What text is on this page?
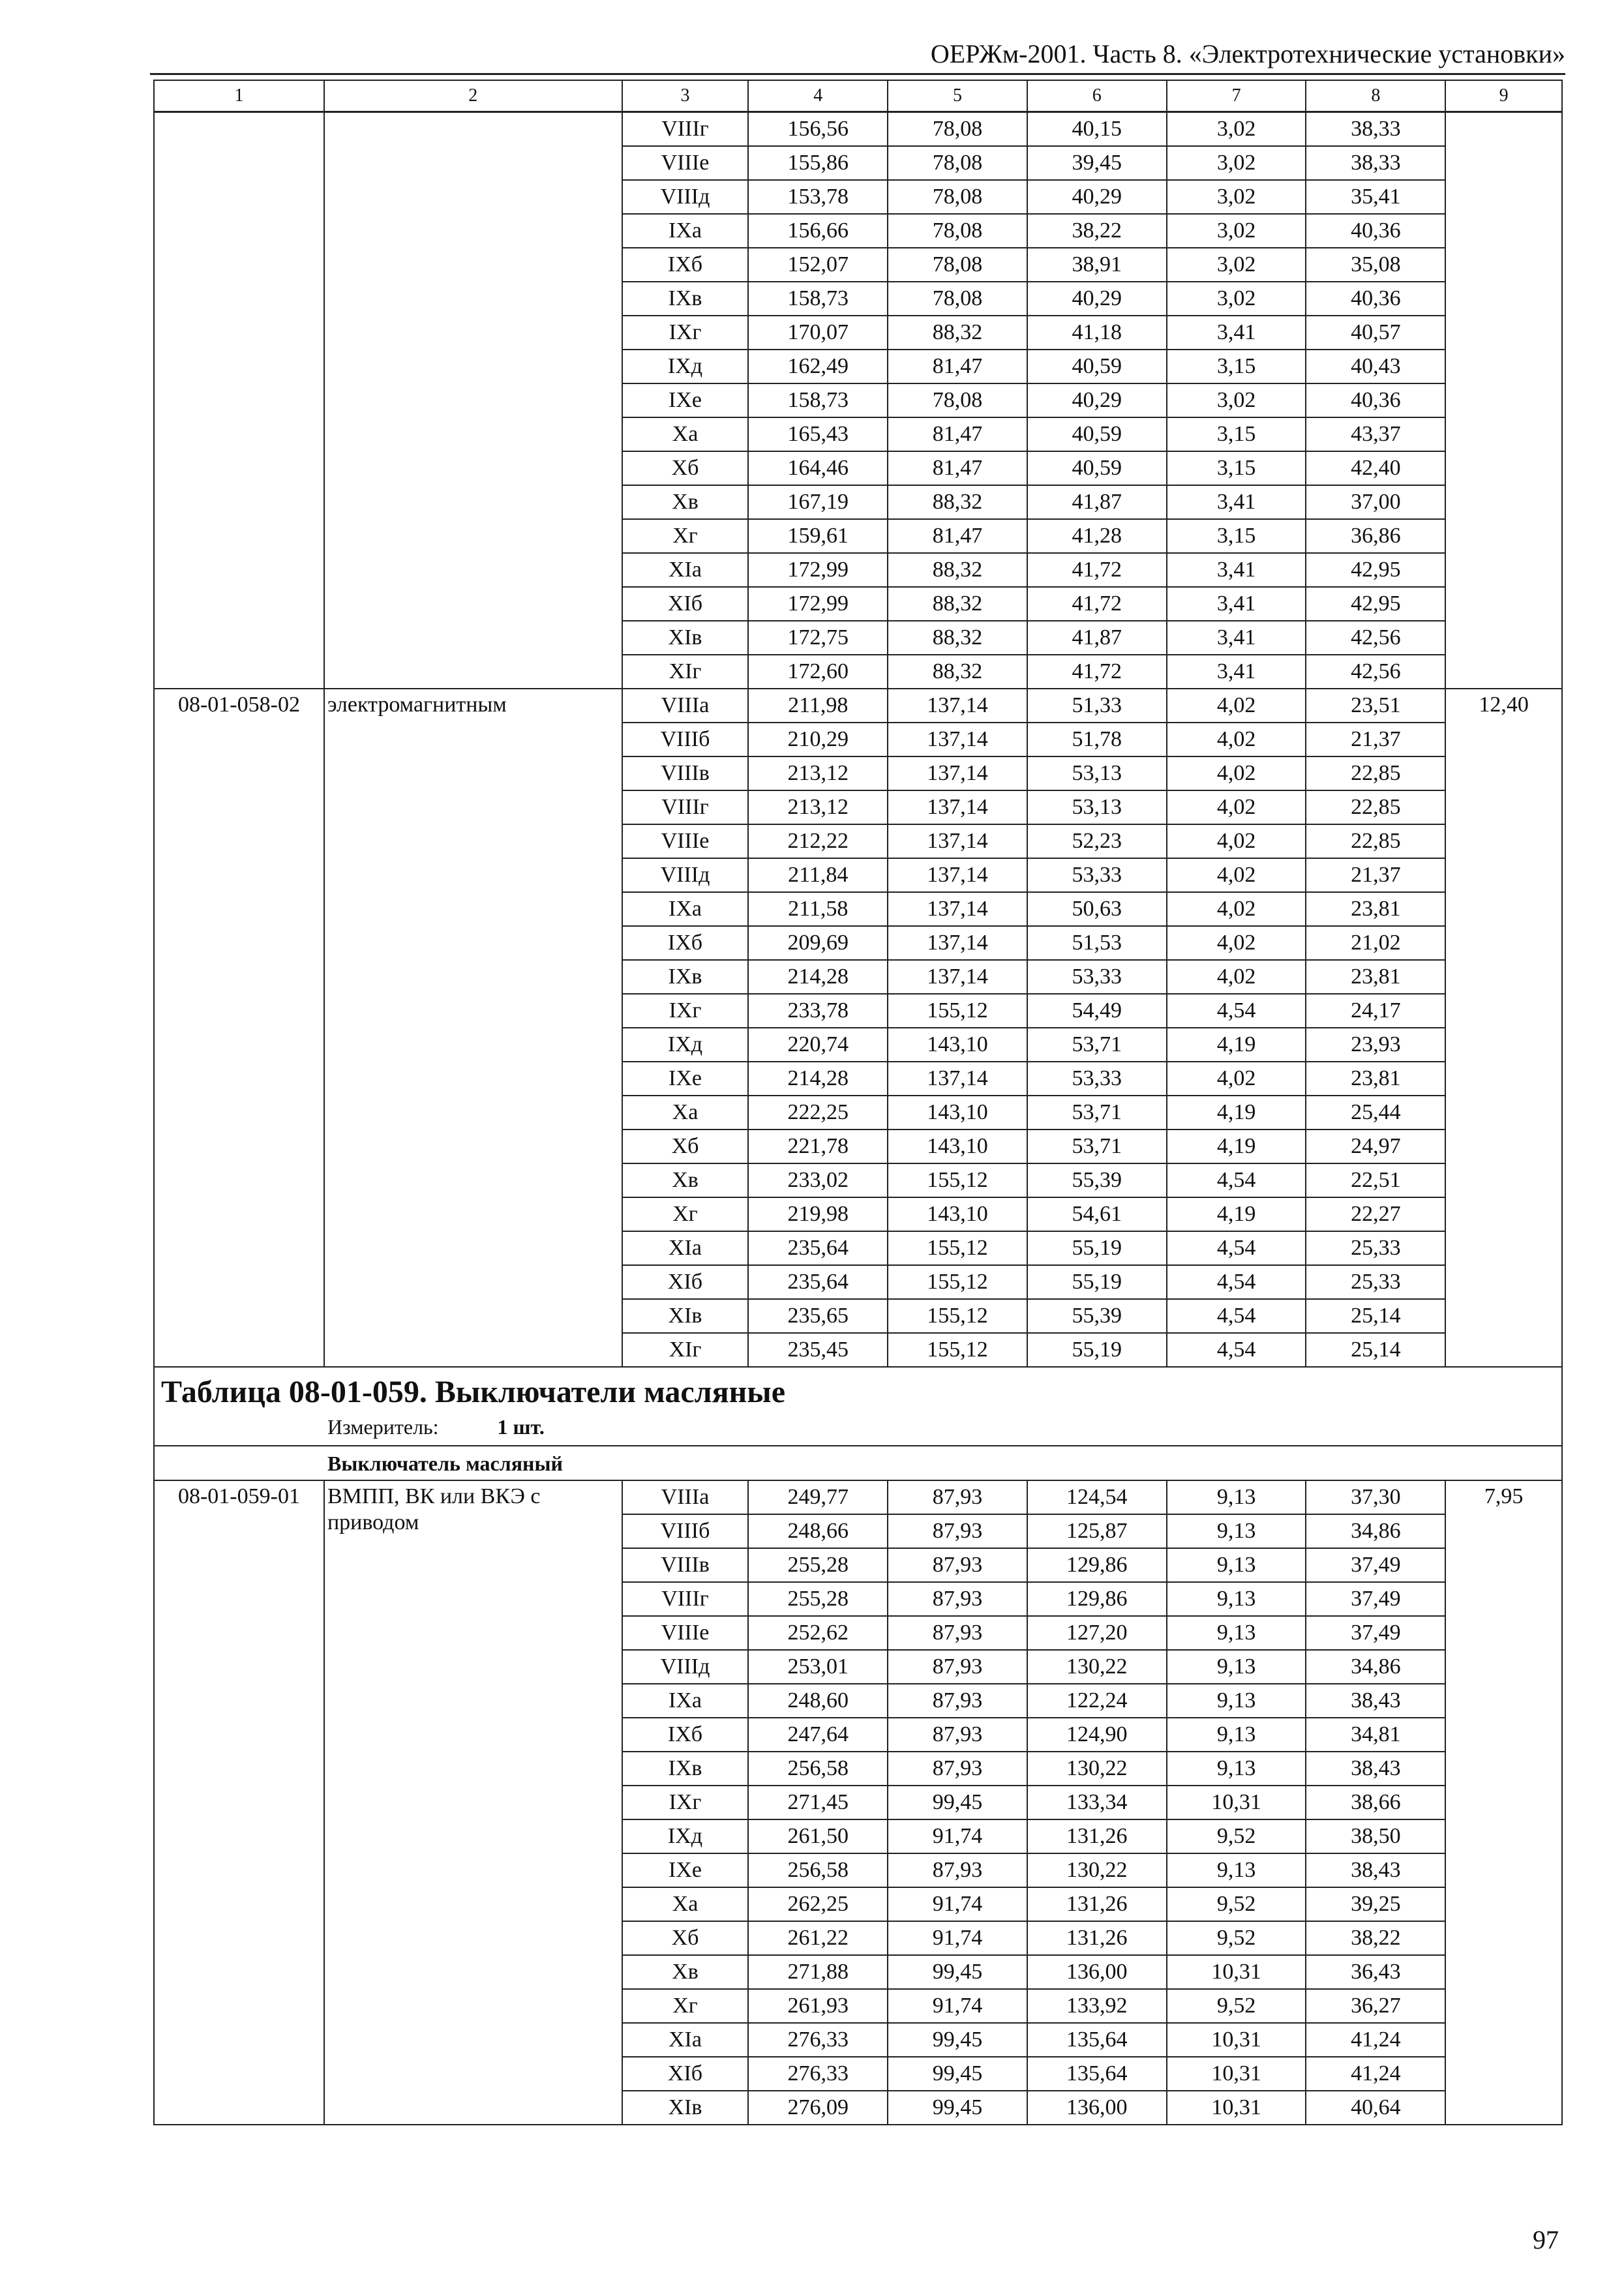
ОЕРЖм-2001. Часть 8. «Электротехнические установки»
1	2	3	4	5	6	7	8	9
		VIIIг	156,56	78,08	40,15	3,02	38,33	
		VIIIе	155,86	78,08	39,45	3,02	38,33	
		VIIIд	153,78	78,08	40,29	3,02	35,41	
		IXа	156,66	78,08	38,22	3,02	40,36	
		IXб	152,07	78,08	38,91	3,02	35,08	
		IXв	158,73	78,08	40,29	3,02	40,36	
		IXг	170,07	88,32	41,18	3,41	40,57	
		IXд	162,49	81,47	40,59	3,15	40,43	
		IXе	158,73	78,08	40,29	3,02	40,36	
		Xа	165,43	81,47	40,59	3,15	43,37	
		Xб	164,46	81,47	40,59	3,15	42,40	
		Xв	167,19	88,32	41,87	3,41	37,00	
		Xг	159,61	81,47	41,28	3,15	36,86	
		XIа	172,99	88,32	41,72	3,41	42,95	
		XIб	172,99	88,32	41,72	3,41	42,95	
		XIв	172,75	88,32	41,87	3,41	42,56	
		XIг	172,60	88,32	41,72	3,41	42,56	
08-01-058-02	электромагнитным	VIIIа	211,98	137,14	51,33	4,02	23,51	12,40
		VIIIб	210,29	137,14	51,78	4,02	21,37	
		VIIIв	213,12	137,14	53,13	4,02	22,85	
		VIIIг	213,12	137,14	53,13	4,02	22,85	
		VIIIе	212,22	137,14	52,23	4,02	22,85	
		VIIIд	211,84	137,14	53,33	4,02	21,37	
		IXа	211,58	137,14	50,63	4,02	23,81	
		IXб	209,69	137,14	51,53	4,02	21,02	
		IXв	214,28	137,14	53,33	4,02	23,81	
		IXг	233,78	155,12	54,49	4,54	24,17	
		IXд	220,74	143,10	53,71	4,19	23,93	
		IXе	214,28	137,14	53,33	4,02	23,81	
		Xа	222,25	143,10	53,71	4,19	25,44	
		Xб	221,78	143,10	53,71	4,19	24,97	
		Xв	233,02	155,12	55,39	4,54	22,51	
		Xг	219,98	143,10	54,61	4,19	22,27	
		XIа	235,64	155,12	55,19	4,54	25,33	
		XIб	235,64	155,12	55,19	4,54	25,33	
		XIв	235,65	155,12	55,39	4,54	25,14	
		XIг	235,45	155,12	55,19	4,54	25,14	

Таблица 08-01-059. Выключатели масляные
Измеритель: 1 шт.								

Выключатель масляный								
08-01-059-01	ВМПП, ВК или ВКЭ с приводом	VIIIа	249,77	87,93	124,54	9,13	37,30	7,95
		VIIIб	248,66	87,93	125,87	9,13	34,86	
		VIIIв	255,28	87,93	129,86	9,13	37,49	
		VIIIг	255,28	87,93	129,86	9,13	37,49	
		VIIIе	252,62	87,93	127,20	9,13	37,49	
		VIIIд	253,01	87,93	130,22	9,13	34,86	
		IXа	248,60	87,93	122,24	9,13	38,43	
		IXб	247,64	87,93	124,90	9,13	34,81	
		IXв	256,58	87,93	130,22	9,13	38,43	
		IXг	271,45	99,45	133,34	10,31	38,66	
		IXд	261,50	91,74	131,26	9,52	38,50	
		IXе	256,58	87,93	130,22	9,13	38,43	
		Xа	262,25	91,74	131,26	9,52	39,25	
		Xб	261,22	91,74	131,26	9,52	38,22	
		Xв	271,88	99,45	136,00	10,31	36,43	
		Xг	261,93	91,74	133,92	9,52	36,27	
		XIа	276,33	99,45	135,64	10,31	41,24	
		XIб	276,33	99,45	135,64	10,31	41,24	
		XIв	276,09	99,45	136,00	10,31	40,64	
97
